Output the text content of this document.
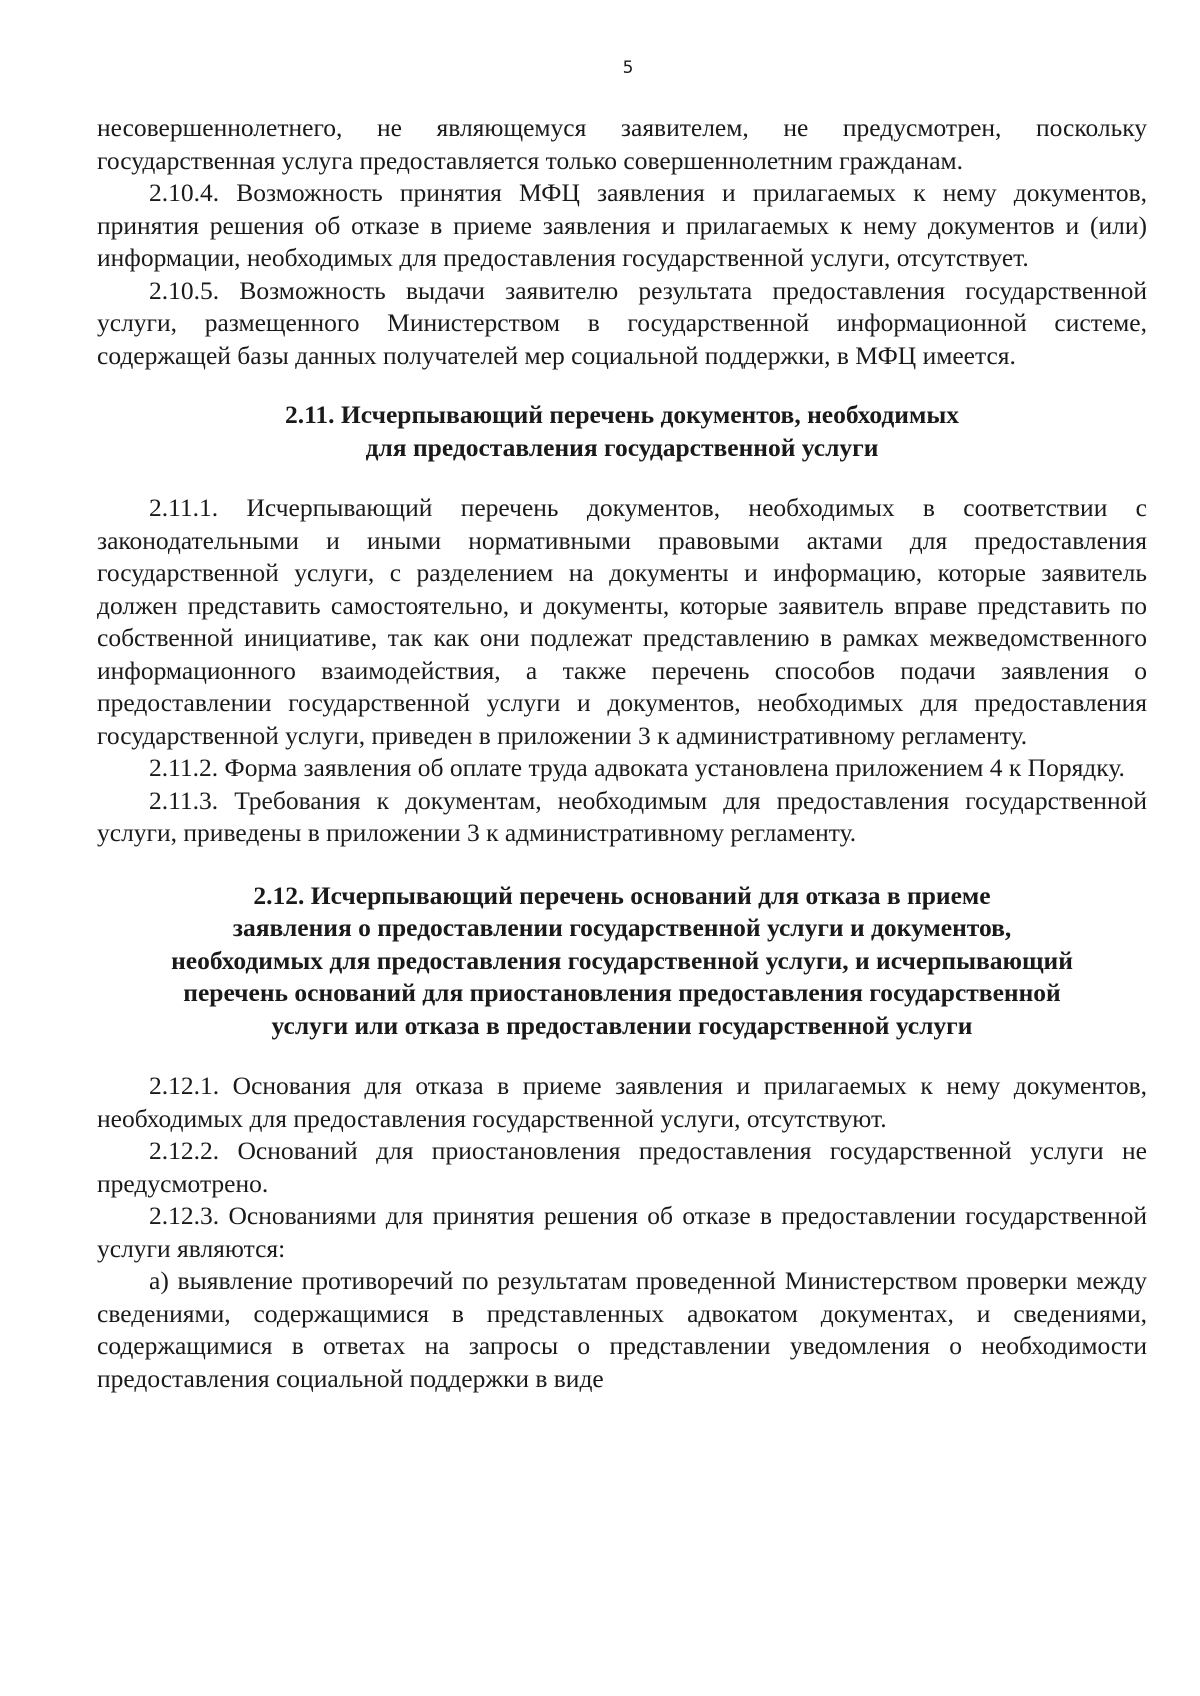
5

несовершеннолетнего, не являющемуся заявителем, не предусмотрен, поскольку государственная услуга предоставляется только совершеннолетним гражданам.

2.10.4. Возможность принятия МФЦ заявления и прилагаемых к нему документов, принятия решения об отказе в приеме заявления и прилагаемых к нему документов и (или) информации, необходимых для предоставления государственной услуги, отсутствует.

2.10.5. Возможность выдачи заявителю результата предоставления государственной услуги, размещенного Министерством в государственной информационной системе, содержащей базы данных получателей мер социальной поддержки, в МФЦ имеется.

2.11. Исчерпывающий перечень документов, необходимых
для предоставления государственной услуги

2.11.1. Исчерпывающий перечень документов, необходимых в соответствии с законодательными и иными нормативными правовыми актами для предоставления государственной услуги, с разделением на документы и информацию, которые заявитель должен представить самостоятельно, и документы, которые заявитель вправе представить по собственной инициативе, так как они подлежат представлению в рамках межведомственного информационного взаимодействия, а также перечень способов подачи заявления о предоставлении государственной услуги и документов, необходимых для предоставления государственной услуги, приведен в приложении 3 к административному регламенту.

2.11.2. Форма заявления об оплате труда адвоката установлена приложением 4 к Порядку.

2.11.3. Требования к документам, необходимым для предоставления государственной услуги, приведены в приложении 3 к административному регламенту.

2.12. Исчерпывающий перечень оснований для отказа в приеме
заявления о предоставлении государственной услуги и документов,
необходимых для предоставления государственной услуги, и исчерпывающий
перечень оснований для приостановления предоставления государственной
услуги или отказа в предоставлении государственной услуги

2.12.1. Основания для отказа в приеме заявления и прилагаемых к нему документов, необходимых для предоставления государственной услуги, отсутствуют.

2.12.2. Оснований для приостановления предоставления государственной услуги не предусмотрено.

2.12.3. Основаниями для принятия решения об отказе в предоставлении государственной услуги являются:

а) выявление противоречий по результатам проведенной Министерством проверки между сведениями, содержащимися в представленных адвокатом документах, и сведениями, содержащимися в ответах на запросы о представлении уведомления о необходимости предоставления социальной поддержки в виде
